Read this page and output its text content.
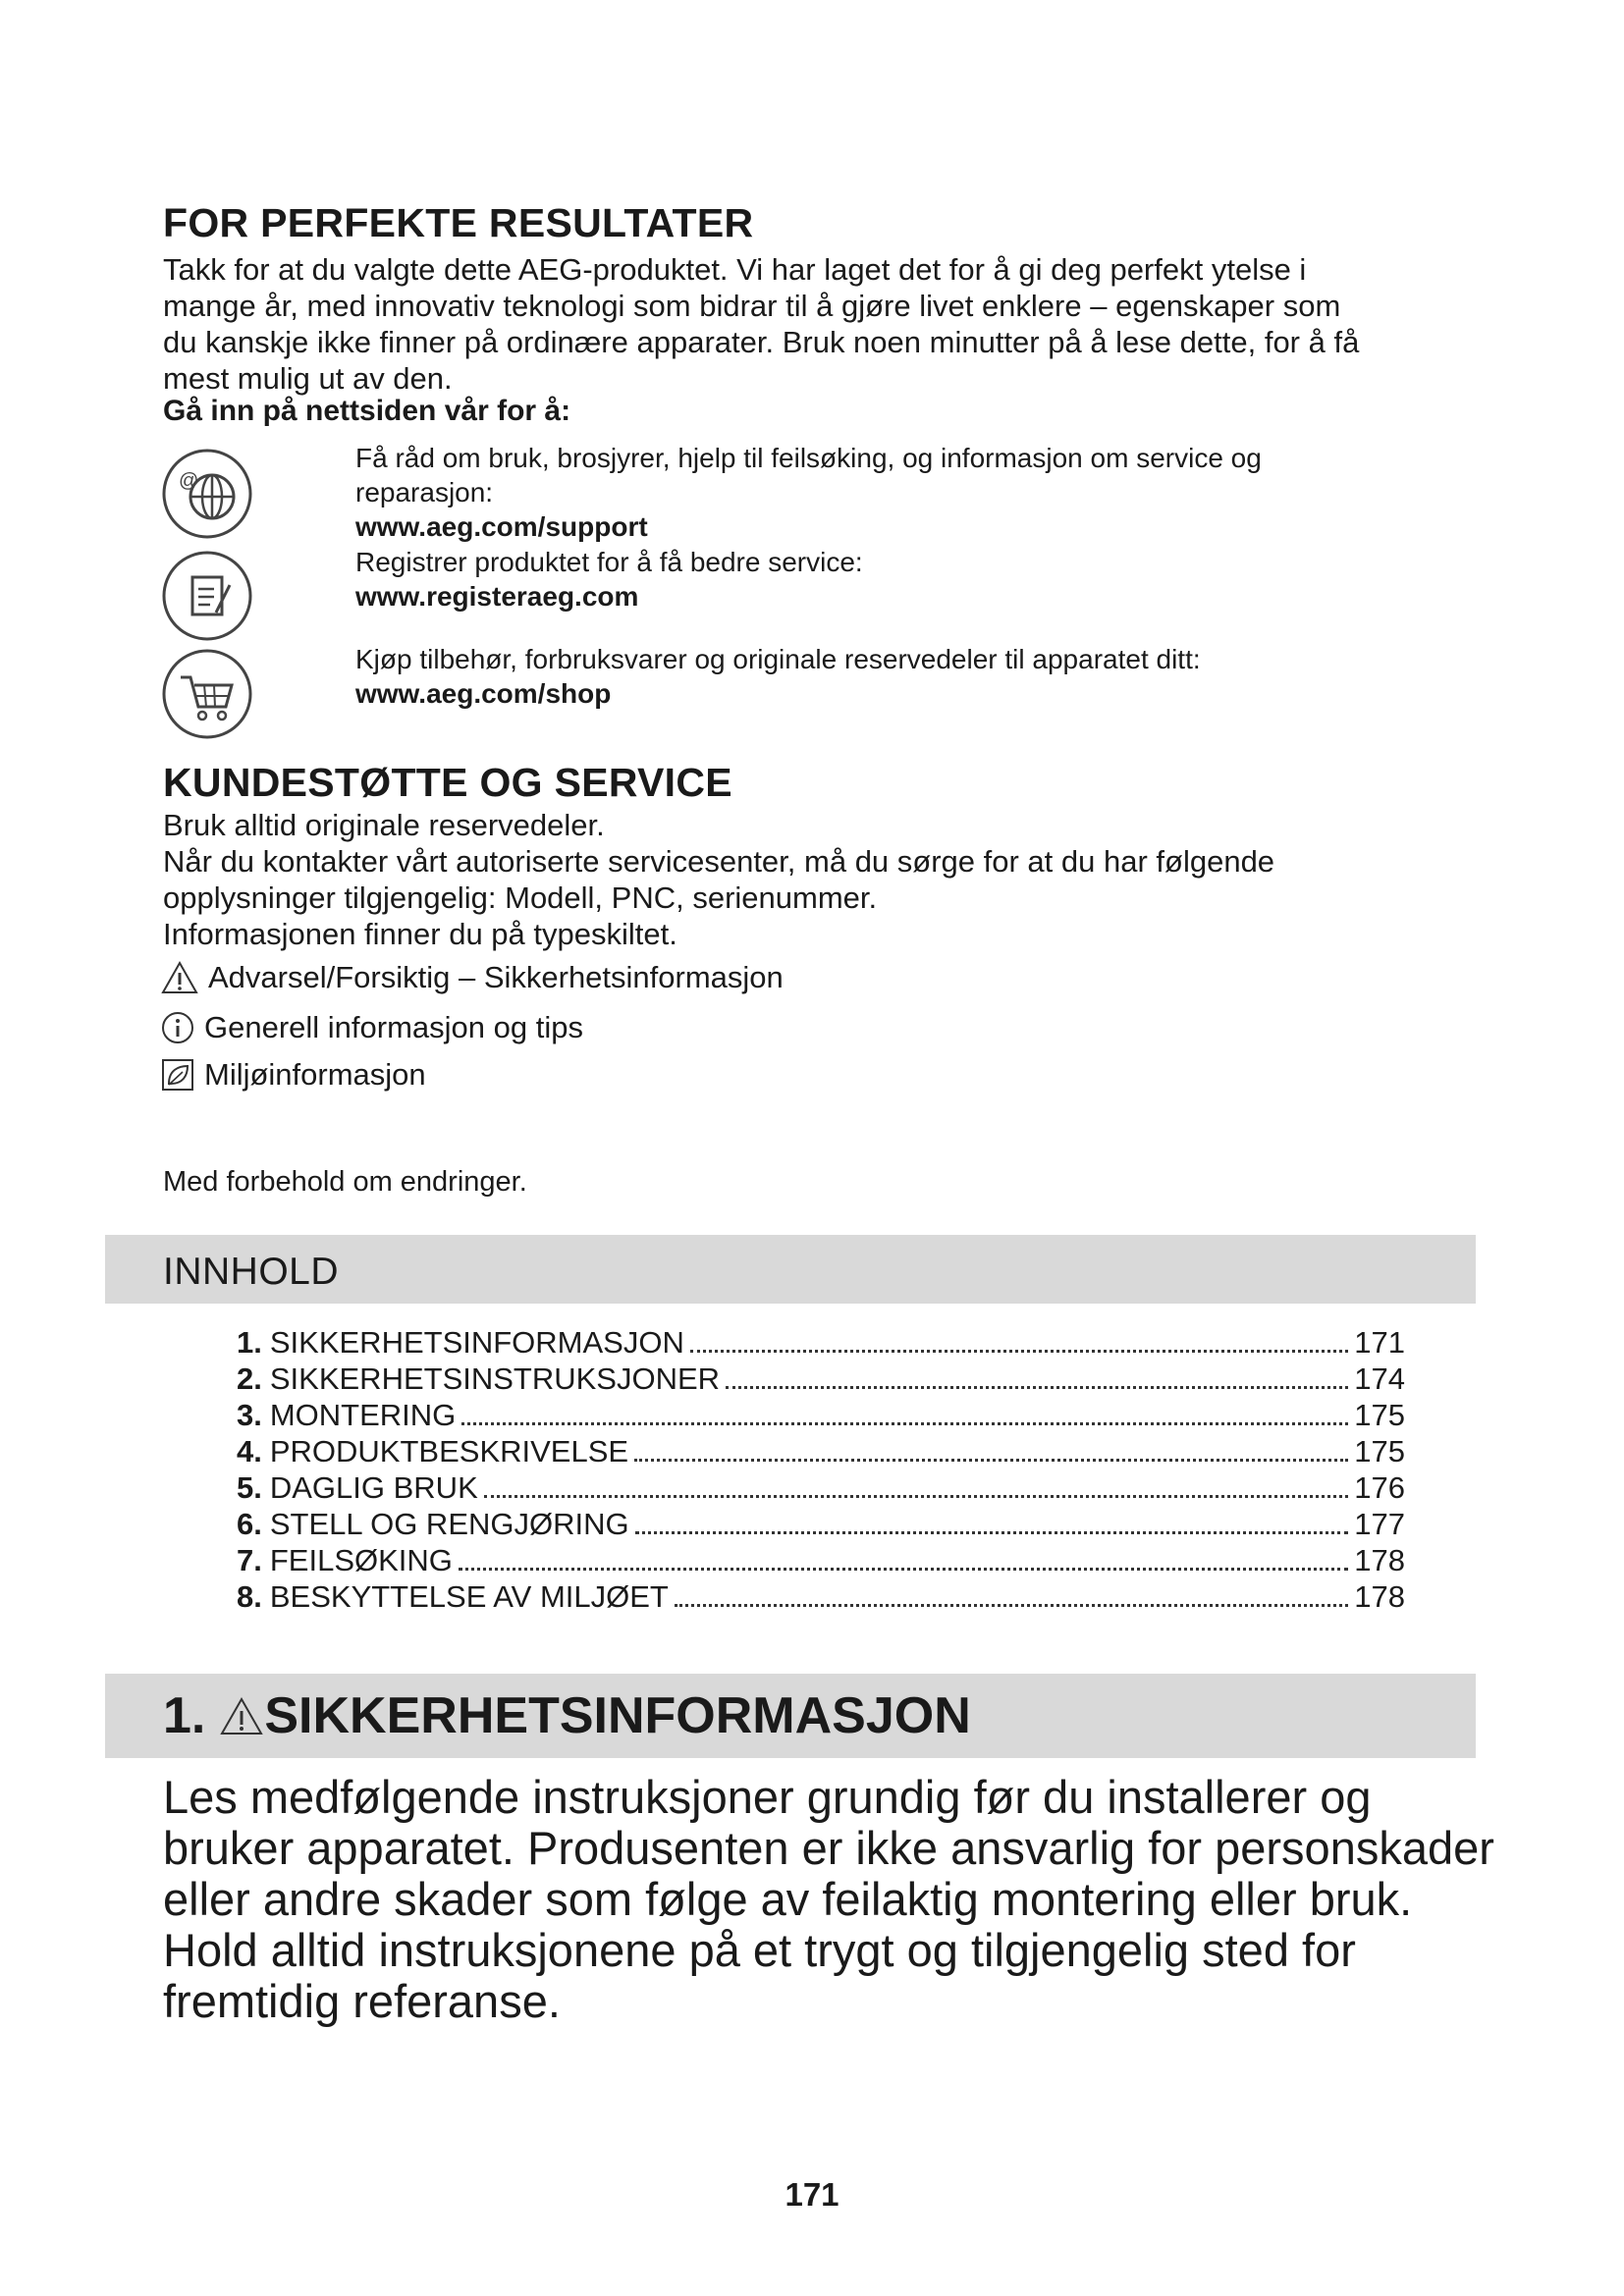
FOR PERFEKTE RESULTATER
Takk for at du valgte dette AEG-produktet. Vi har laget det for å gi deg perfekt ytelse i
mange år, med innovativ teknologi som bidrar til å gjøre livet enklere – egenskaper som
du kanskje ikke finner på ordinære apparater. Bruk noen minutter på å lese dette, for å få
mest mulig ut av den.
Gå inn på nettsiden vår for å:
@
Få råd om bruk, brosjyrer, hjelp til feilsøking, og informasjon om service og
reparasjon:
www.aeg.com/support
Registrer produktet for å få bedre service:
www.registeraeg.com
Kjøp tilbehør, forbruksvarer og originale reservedeler til apparatet ditt:
www.aeg.com/shop
KUNDESTØTTE OG SERVICE
Bruk alltid originale reservedeler.
Når du kontakter vårt autoriserte servicesenter, må du sørge for at du har følgende
opplysninger tilgjengelig: Modell, PNC, serienummer.
Informasjonen finner du på typeskiltet.
Advarsel/Forsiktig – Sikkerhetsinformasjon
Generell informasjon og tips
Miljøinformasjon
Med forbehold om endringer.
INNHOLD
1. SIKKERHETSINFORMASJON	171
2. SIKKERHETSINSTRUKSJONER	174
3. MONTERING	175
4. PRODUKTBESKRIVELSE	175
5. DAGLIG BRUK	176
6. STELL OG RENGJØRING	177
7. FEILSØKING	178
8. BESKYTTELSE AV MILJØET	178
1. SIKKERHETSINFORMASJON
Les medfølgende instruksjoner grundig før du installerer og bruker apparatet. Produsenten er ikke ansvarlig for personskader eller andre skader som følge av feilaktig montering eller bruk. Hold alltid instruksjonene på et trygt og tilgjengelig sted for fremtidig referanse.
171
